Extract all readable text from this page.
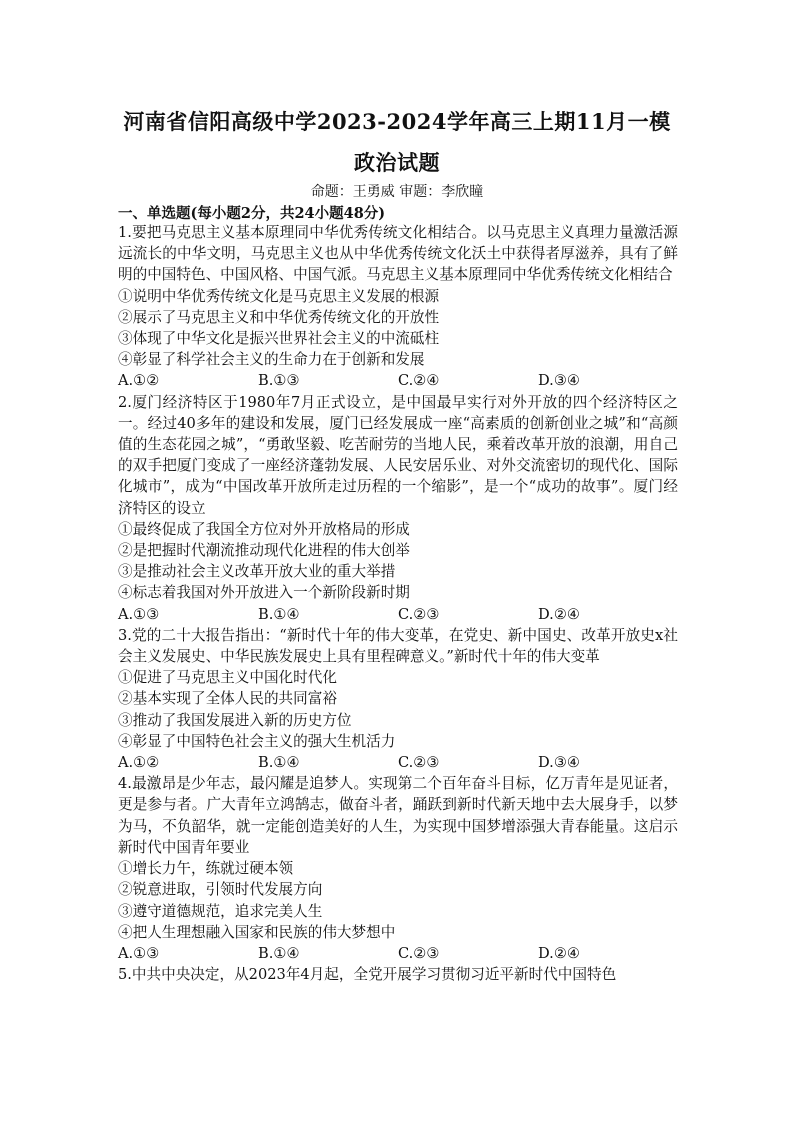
河南省信阳高级中学2023-2024学年高三上期11月一模
政治试题
命题：王勇威 审题：李欣瞳
一、单选题(每小题2分，共24小题48分)

1.要把马克思主义基本原理同中华优秀传统文化相结合。以马克思主义真理力量激活源远流长的中华文明，马克思主义也从中华优秀传统文化沃土中获得者厚滋养，具有了鲜明的中国特色、中国风格、中国气派。马克思主义基本原理同中华优秀传统文化相结合

①说明中华优秀传统文化是马克思主义发展的根源

②展示了马克思主义和中华优秀传统文化的开放性

③体现了中华文化是振兴世界社会主义的中流砥柱

④彰显了科学社会主义的生命力在于创新和发展

A.①②	B.①③	C.②④	D.③④

2.厦门经济特区于1980年7月正式设立，是中国最早实行对外开放的四个经济特区之一。经过40多年的建设和发展，厦门已经发展成一座“高素质的创新创业之城”和“高颜值的生态花园之城”，“勇敢坚毅、吃苦耐劳的当地人民，乘着改革开放的浪潮，用自己的双手把厦门变成了一座经济蓬勃发展、人民安居乐业、对外交流密切的现代化、国际化城市”，成为“中国改革开放所走过历程的一个缩影”，是一个“成功的故事”。厦门经济特区的设立

①最终促成了我国全方位对外开放格局的形成

②是把握时代潮流推动现代化进程的伟大创举

③是推动社会主义改革开放大业的重大举措

④标志着我国对外开放进入一个新阶段新时期

A.①③	B.①④	C.②③	D.②④

3.党的二十大报告指出：“新时代十年的伟大变革，在党史、新中国史、改革开放史x社会主义发展史、中华民族发展史上具有里程碑意义。”新时代十年的伟大变革

①促进了马克思主义中国化时代化

②基本实现了全体人民的共同富裕

③推动了我国发展进入新的历史方位

④彰显了中国特色社会主义的强大生机活力

A.①②	B.①④	C.②③	D.③④

4.最激昂是少年志，最闪耀是追梦人。实现第二个百年奋斗目标，亿万青年是见证者，更是参与者。广大青年立鸿鹄志，做奋斗者，踊跃到新时代新天地中去大展身手，以梦为马，不负韶华，就一定能创造美好的人生，为实现中国梦增添强大青春能量。这启示新时代中国青年要业

①增长力午，练就过硬本领

②锐意进取，引领时代发展方向

③遵守道德规范，追求完美人生

④把人生理想融入国家和民族的伟大梦想中

A.①③	B.①④	C.②③	D.②④

5.中共中央决定，从2023年4月起，全党开展学习贯彻习近平新时代中国特色
